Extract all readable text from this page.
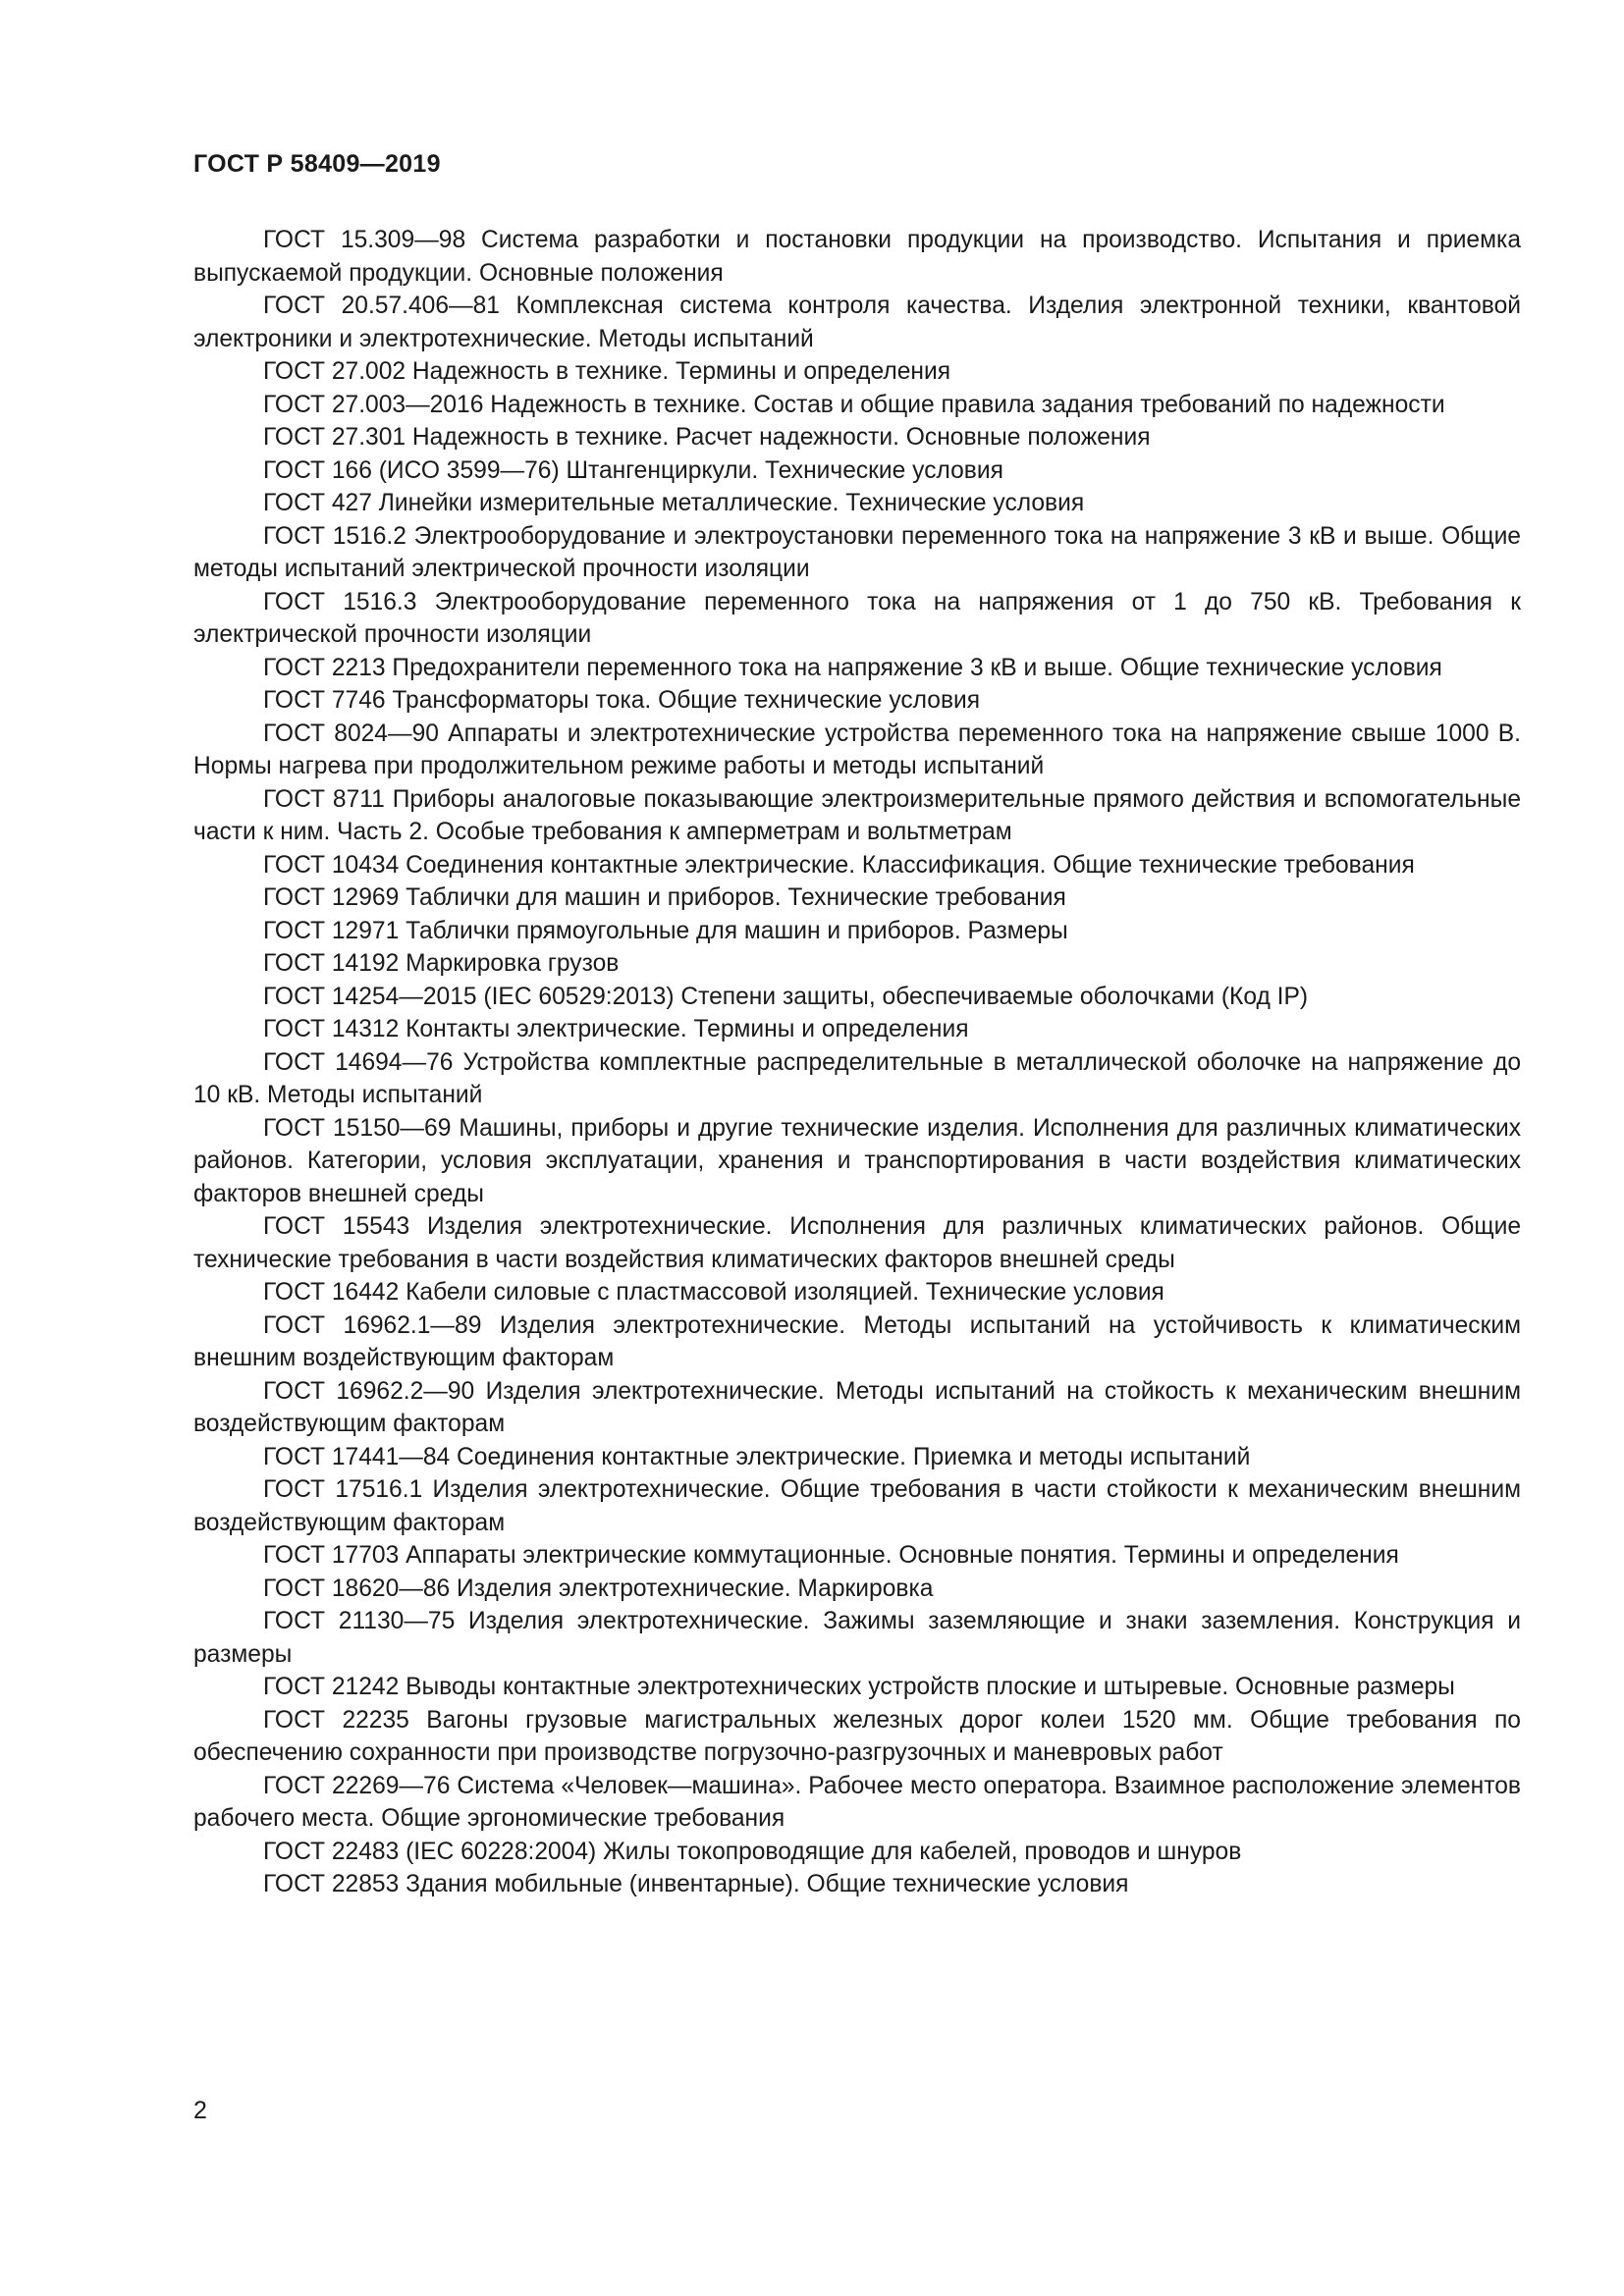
ГОСТ Р 58409—2019

ГОСТ 15.309—98 Система разработки и постановки продукции на производство. Испытания и приемка выпускаемой продукции. Основные положения

ГОСТ 20.57.406—81 Комплексная система контроля качества. Изделия электронной техники, квантовой электроники и электротехнические. Методы испытаний

ГОСТ 27.002 Надежность в технике. Термины и определения

ГОСТ 27.003—2016 Надежность в технике. Состав и общие правила задания требований по надежности

ГОСТ 27.301 Надежность в технике. Расчет надежности. Основные положения

ГОСТ 166 (ИСО 3599—76) Штангенциркули. Технические условия

ГОСТ 427 Линейки измерительные металлические. Технические условия

ГОСТ 1516.2 Электрооборудование и электроустановки переменного тока на напряжение 3 кВ и выше. Общие методы испытаний электрической прочности изоляции

ГОСТ 1516.3 Электрооборудование переменного тока на напряжения от 1 до 750 кВ. Требования к электрической прочности изоляции

ГОСТ 2213 Предохранители переменного тока на напряжение 3 кВ и выше. Общие технические условия

ГОСТ 7746 Трансформаторы тока. Общие технические условия

ГОСТ 8024—90 Аппараты и электротехнические устройства переменного тока на напряжение свыше 1000 В. Нормы нагрева при продолжительном режиме работы и методы испытаний

ГОСТ 8711 Приборы аналоговые показывающие электроизмерительные прямого действия и вспомогательные части к ним. Часть 2. Особые требования к амперметрам и вольтметрам

ГОСТ 10434 Соединения контактные электрические. Классификация. Общие технические требования

ГОСТ 12969 Таблички для машин и приборов. Технические требования

ГОСТ 12971 Таблички прямоугольные для машин и приборов. Размеры

ГОСТ 14192 Маркировка грузов

ГОСТ 14254—2015 (IEC 60529:2013) Степени защиты, обеспечиваемые оболочками (Код IP)

ГОСТ 14312 Контакты электрические. Термины и определения

ГОСТ 14694—76 Устройства комплектные распределительные в металлической оболочке на напряжение до 10 кВ. Методы испытаний

ГОСТ 15150—69 Машины, приборы и другие технические изделия. Исполнения для различных климатических районов. Категории, условия эксплуатации, хранения и транспортирования в части воздействия климатических факторов внешней среды

ГОСТ 15543 Изделия электротехнические. Исполнения для различных климатических районов. Общие технические требования в части воздействия климатических факторов внешней среды

ГОСТ 16442 Кабели силовые с пластмассовой изоляцией. Технические условия

ГОСТ 16962.1—89 Изделия электротехнические. Методы испытаний на устойчивость к климатическим внешним воздействующим факторам

ГОСТ 16962.2—90 Изделия электротехнические. Методы испытаний на стойкость к механическим внешним воздействующим факторам

ГОСТ 17441—84 Соединения контактные электрические. Приемка и методы испытаний

ГОСТ 17516.1 Изделия электротехнические. Общие требования в части стойкости к механическим внешним воздействующим факторам

ГОСТ 17703 Аппараты электрические коммутационные. Основные понятия. Термины и определения

ГОСТ 18620—86 Изделия электротехнические. Маркировка

ГОСТ 21130—75 Изделия электротехнические. Зажимы заземляющие и знаки заземления. Конструкция и размеры

ГОСТ 21242 Выводы контактные электротехнических устройств плоские и штыревые. Основные размеры

ГОСТ 22235 Вагоны грузовые магистральных железных дорог колеи 1520 мм. Общие требования по обеспечению сохранности при производстве погрузочно-разгрузочных и маневровых работ

ГОСТ 22269—76 Система «Человек—машина». Рабочее место оператора. Взаимное расположение элементов рабочего места. Общие эргономические требования

ГОСТ 22483 (IEC 60228:2004) Жилы токопроводящие для кабелей, проводов и шнуров

ГОСТ 22853 Здания мобильные (инвентарные). Общие технические условия

2
